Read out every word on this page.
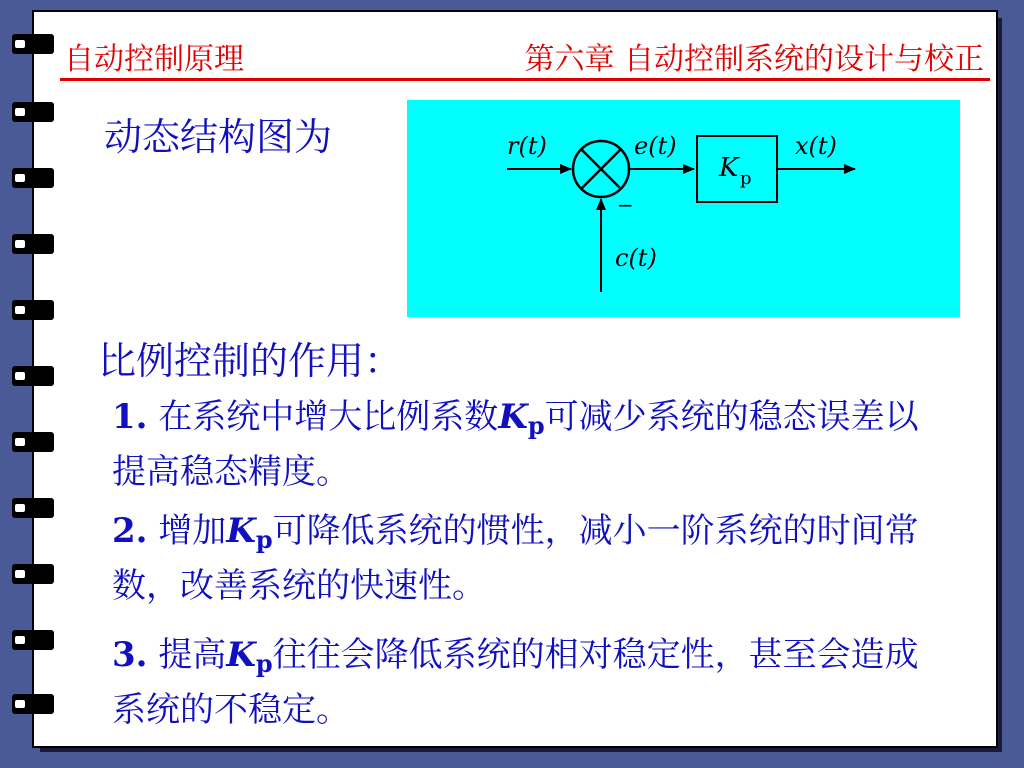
自动控制原理	第六章 自动控制系统的设计与校正
动态结构图为	r(t)	e(t)
K p
x(t)
−
c(t)
比例控制的作用：
1. 在系统中增大比例系数$K_p$可减少系统的稳态误差以提高稳态精度。
2. 增加$K_p$可降低系统的惯性，减小一阶系统的时间常数，改善系统的快速性。
3. 提高$K_p$往往会降低系统的相对稳定性，甚至会造成系统的不稳定。
